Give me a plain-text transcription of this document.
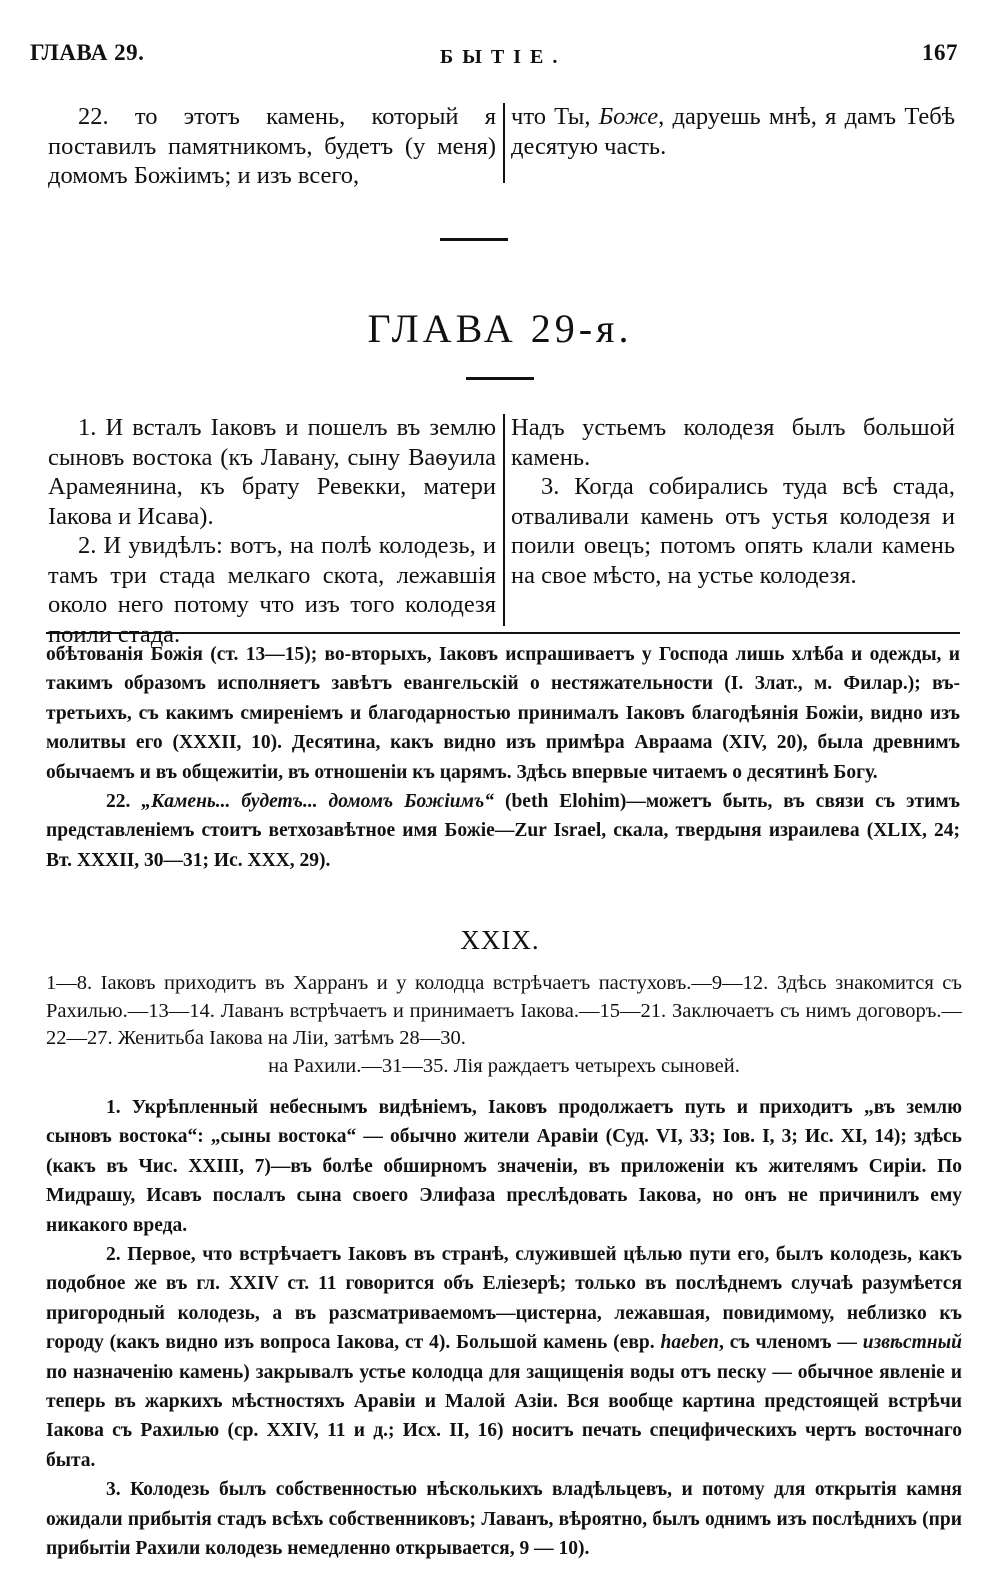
ГЛАВА 29.	БЫТІЕ.	167

22. то этотъ камень, который я поставилъ памятникомъ, будетъ (у меня) домомъ Божіимъ; и изъ всего,

что Ты, Боже, даруешь мнѣ, я дамъ Тебѣ десятую часть.

ГЛАВА 29-я.

1. И всталъ Іаковъ и пошелъ въ землю сыновъ востока (къ Лавану, сыну Ваѳуила Арамеянина, къ брату Ревекки, матери Іакова и Исава).

2. И увидѣлъ: вотъ, на полѣ колодезь, и тамъ три стада мелкаго скота, лежавшія около него потому что изъ того колодезя поили стада.

Надъ устьемъ колодезя былъ большой камень.

3. Когда собирались туда всѣ стада, отваливали камень отъ устья колодезя и поили овецъ; потомъ опять клали камень на свое мѣсто, на устье колодезя.

обѣтованія Божія (ст. 13—15); во-вторыхъ, Іаковъ испрашиваетъ у Господа лишь хлѣба и одежды, и такимъ образомъ исполняетъ завѣтъ евангельскій о нестяжательности (I. Злат., м. Филар.); въ-третьихъ, съ какимъ смиреніемъ и благодарностью принималъ Іаковъ благодѣянія Божіи, видно изъ молитвы его (XXXII, 10). Десятина, какъ видно изъ примѣра Авраама (XIV, 20), была древнимъ обычаемъ и въ общежитіи, въ отношеніи къ царямъ. Здѣсь впервые читаемъ о десятинѣ Богу.

22. „Камень... будетъ... домомъ Божіимъ“ (beth Elohim)—можетъ быть, въ связи съ этимъ представленіемъ стоитъ ветхозавѣтное имя Божіе—Zur Israel, скала, твердыня израилева (XLIX, 24; Вт. XXXII, 30—31; Ис. XXX, 29).

XXIX.

1—8. Іаковъ приходитъ въ Харранъ и у колодца встрѣчаетъ пастуховъ.—9—12. Здѣсь знакомится съ Рахилью.—13—14. Лаванъ встрѣчаетъ и принимаетъ Іакова.—15—21. Заключаетъ съ нимъ договоръ.—22—27. Женитьба Іакова на Ліи, затѣмъ 28—30.

на Рахили.—31—35. Лія раждаетъ четырехъ сыновей.

1. Укрѣпленный небеснымъ видѣніемъ, Іаковъ продолжаетъ путь и приходитъ „въ землю сыновъ востока“: „сыны востока“ — обычно жители Аравіи (Суд. VI, 33; Іов. I, 3; Ис. XI, 14); здѣсь (какъ въ Чис. XXIII, 7)—въ болѣе обширномъ значеніи, въ приложеніи къ жителямъ Сиріи. По Мидрашу, Исавъ послалъ сына своего Элифаза преслѣдовать Іакова, но онъ не причинилъ ему никакого вреда.

2. Первое, что встрѣчаетъ Іаковъ въ странѣ, служившей цѣлью пути его, былъ колодезь, какъ подобное же въ гл. XXIV ст. 11 говорится объ Еліезерѣ; только въ послѣднемъ случаѣ разумѣется пригородный колодезь, а въ разсматриваемомъ—цистерна, лежавшая, повидимому, неблизко къ городу (какъ видно изъ вопроса Іакова, ст 4). Большой камень (евр. haeben, съ членомъ — извѣстный по назначенію камень) закрывалъ устье колодца для защищенія воды отъ песку — обычное явленіе и теперь въ жаркихъ мѣстностяхъ Аравіи и Малой Азіи. Вся вообще картина предстоящей встрѣчи Іакова съ Рахилью (ср. XXIV, 11 и д.; Исх. II, 16) носитъ печать специфическихъ чертъ восточнаго быта.

3. Колодезь былъ собственностью нѣсколькихъ владѣльцевъ, и потому для открытія камня ожидали прибытія стадъ всѣхъ собственниковъ; Лаванъ, вѣроятно, былъ однимъ изъ послѣднихъ (при прибытіи Рахили колодезь немедленно открывается, 9 — 10).
